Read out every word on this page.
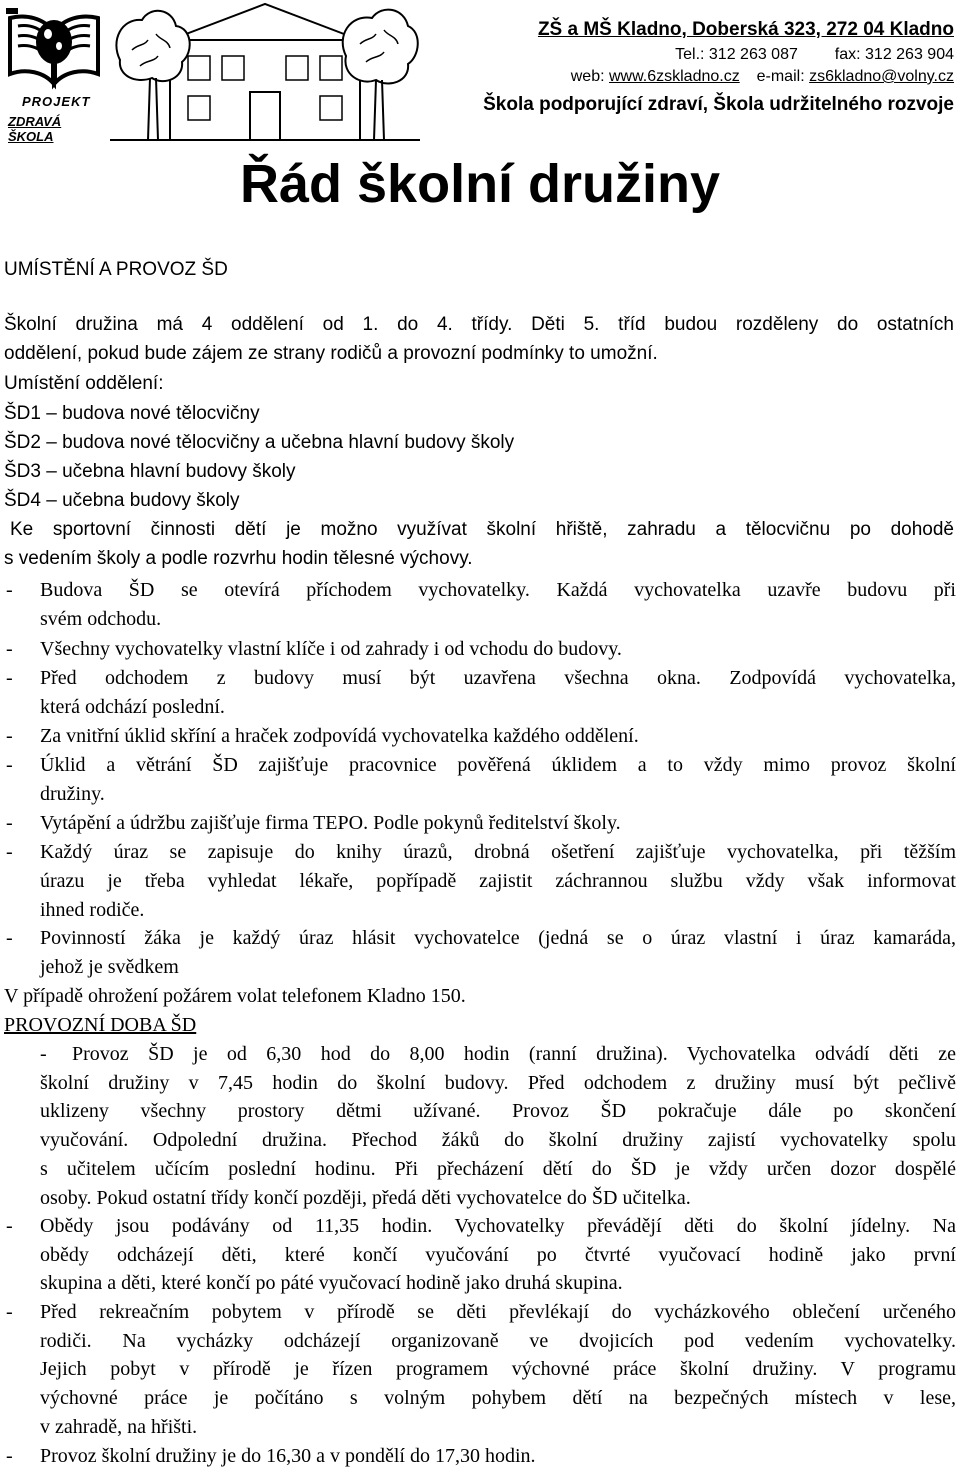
PROJEKT
ZDRAVÁ ŠKOLA
ZŠ a MŠ Kladno, Doberská 323, 272 04 Kladno
Tel.: 312 263 087 fax: 312 263 904
web: www.6zskladno.cz e-mail: zs6kladno@volny.cz
Škola podporující zdraví, Škola udržitelného rozvoje
Řád školní družiny
UMÍSTĚNÍ A PROVOZ ŠD
Školní družina má 4 oddělení od 1. do 4. třídy. Děti 5. tříd budou rozděleny do ostatních
oddělení, pokud bude zájem ze strany rodičů a provozní podmínky to umožní.
Umístění oddělení:
ŠD1 – budova nové tělocvičny
ŠD2 – budova nové tělocvičny a učebna hlavní budovy školy
ŠD3 – učebna hlavní budovy školy
ŠD4 – učebna budovy školy
Ke sportovní činnosti dětí je možno využívat školní hřiště, zahradu a tělocvičnu po dohodě
s vedením školy a podle rozvrhu hodin tělesné výchovy.
- Budova ŠD se otevírá příchodem vychovatelky. Každá vychovatelka uzavře budovu při
svém odchodu.
- Všechny vychovatelky vlastní klíče i od zahrady i od vchodu do budovy.
- Před odchodem z budovy musí být uzavřena všechna okna. Zodpovídá vychovatelka,
která odchází poslední.
- Za vnitřní úklid skříní a hraček zodpovídá vychovatelka každého oddělení.
- Úklid a větrání ŠD zajišťuje pracovnice pověřená úklidem a to vždy mimo provoz školní
družiny.
- Vytápění a údržbu zajišťuje firma TEPO. Podle pokynů ředitelství školy.
- Každý úraz se zapisuje do knihy úrazů, drobná ošetření zajišťuje vychovatelka, při těžším
úrazu je třeba vyhledat lékaře, popřípadě zajistit záchrannou službu vždy však informovat
ihned rodiče.
- Povinností žáka je každý úraz hlásit vychovatelce (jedná se o úraz vlastní i úraz kamaráda,
jehož je svědkem
V případě ohrožení požárem volat telefonem Kladno 150.
PROVOZNÍ DOBA ŠD
- Provoz ŠD je od 6,30 hod do 8,00 hodin (ranní družina). Vychovatelka odvádí děti ze
školní družiny v 7,45 hodin do školní budovy. Před odchodem z družiny musí být pečlivě
uklizeny všechny prostory dětmi užívané. Provoz ŠD pokračuje dále po skončení
vyučování. Odpolední družina. Přechod žáků do školní družiny zajistí vychovatelky spolu
s učitelem učícím poslední hodinu. Při přecházení dětí do ŠD je vždy určen dozor dospělé
osoby. Pokud ostatní třídy končí později, předá děti vychovatelce do ŠD učitelka.
- Obědy jsou podávány od 11,35 hodin. Vychovatelky převádějí děti do školní jídelny. Na
obědy odcházejí děti, které končí vyučování po čtvrté vyučovací hodině jako první
skupina a děti, které končí po páté vyučovací hodině jako druhá skupina.
- Před rekreačním pobytem v přírodě se děti převlékají do vycházkového oblečení určeného
rodiči. Na vycházky odcházejí organizovaně ve dvojicích pod vedením vychovatelky.
Jejich pobyt v přírodě je řízen programem výchovné práce školní družiny. V programu
výchovné práce je počítáno s volným pohybem dětí na bezpečných místech v lese,
v zahradě, na hřišti.
- Provoz školní družiny je do 16,30 a v pondělí do 17,30 hodin.
